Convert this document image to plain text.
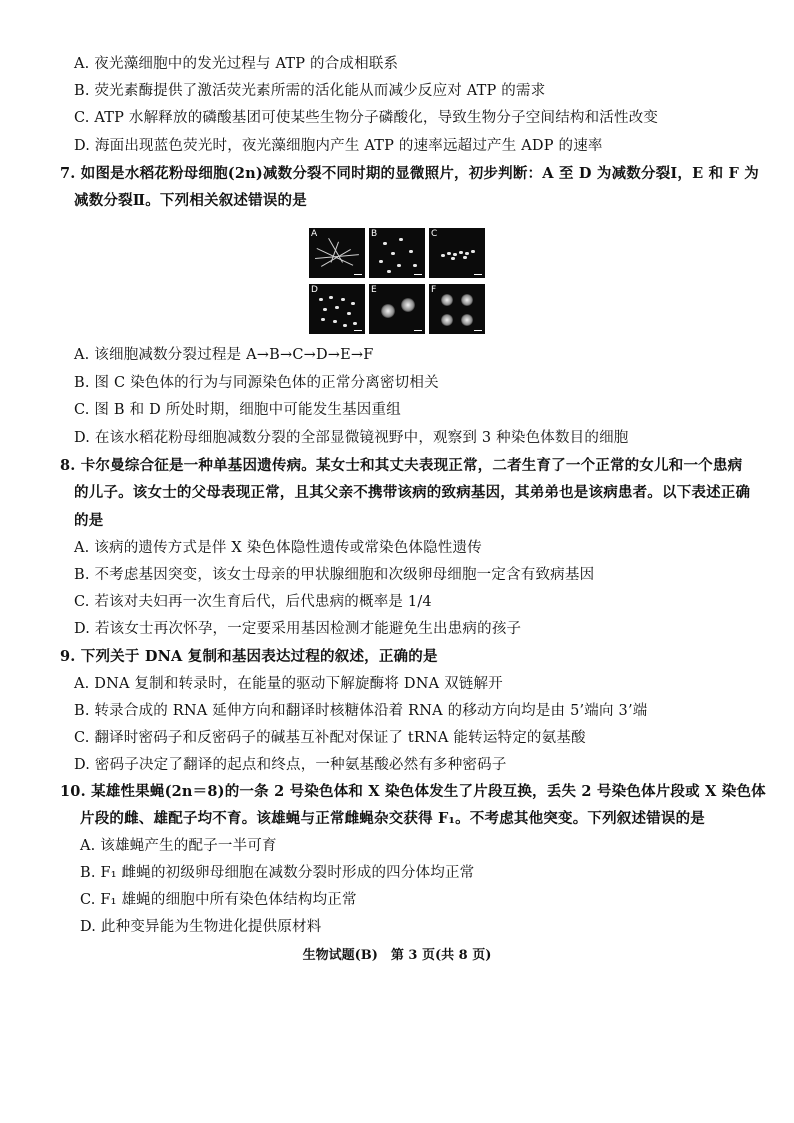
A. 夜光藻细胞中的发光过程与 ATP 的合成相联系
B. 荧光素酶提供了激活荧光素所需的活化能从而减少反应对 ATP 的需求
C. ATP 水解释放的磷酸基团可使某些生物分子磷酸化，导致生物分子空间结构和活性改变
D. 海面出现蓝色荧光时，夜光藻细胞内产生 ATP 的速率远超过产生 ADP 的速率
7. 如图是水稻花粉母细胞(2n)减数分裂不同时期的显微照片，初步判断：A 至 D 为减数分裂Ⅰ，E 和 F 为
减数分裂Ⅱ。下列相关叙述错误的是
A	B	C
D	E	F
A. 该细胞减数分裂过程是 A→B→C→D→E→F
B. 图 C 染色体的行为与同源染色体的正常分离密切相关
C. 图 B 和 D 所处时期，细胞中可能发生基因重组
D. 在该水稻花粉母细胞减数分裂的全部显微镜视野中，观察到 3 种染色体数目的细胞
8. 卡尔曼综合征是一种单基因遗传病。某女士和其丈夫表现正常，二者生育了一个正常的女儿和一个患病
的儿子。该女士的父母表现正常，且其父亲不携带该病的致病基因，其弟弟也是该病患者。以下表述正确
的是
A. 该病的遗传方式是伴 X 染色体隐性遗传或常染色体隐性遗传
B. 不考虑基因突变，该女士母亲的甲状腺细胞和次级卵母细胞一定含有致病基因
C. 若该对夫妇再一次生育后代，后代患病的概率是 1/4
D. 若该女士再次怀孕，一定要采用基因检测才能避免生出患病的孩子
9. 下列关于 DNA 复制和基因表达过程的叙述，正确的是
A. DNA 复制和转录时，在能量的驱动下解旋酶将 DNA 双链解开
B. 转录合成的 RNA 延伸方向和翻译时核糖体沿着 RNA 的移动方向均是由 5’端向 3’端
C. 翻译时密码子和反密码子的碱基互补配对保证了 tRNA 能转运特定的氨基酸
D. 密码子决定了翻译的起点和终点，一种氨基酸必然有多种密码子
10. 某雄性果蝇(2n＝8)的一条 2 号染色体和 X 染色体发生了片段互换，丢失 2 号染色体片段或 X 染色体
片段的雌、雄配子均不育。该雄蝇与正常雌蝇杂交获得 F₁。不考虑其他突变。下列叙述错误的是
A. 该雄蝇产生的配子一半可育
B. F₁ 雌蝇的初级卵母细胞在减数分裂时形成的四分体均正常
C. F₁ 雄蝇的细胞中所有染色体结构均正常
D. 此种变异能为生物进化提供原材料
生物试题(B)　第 3 页(共 8 页)
